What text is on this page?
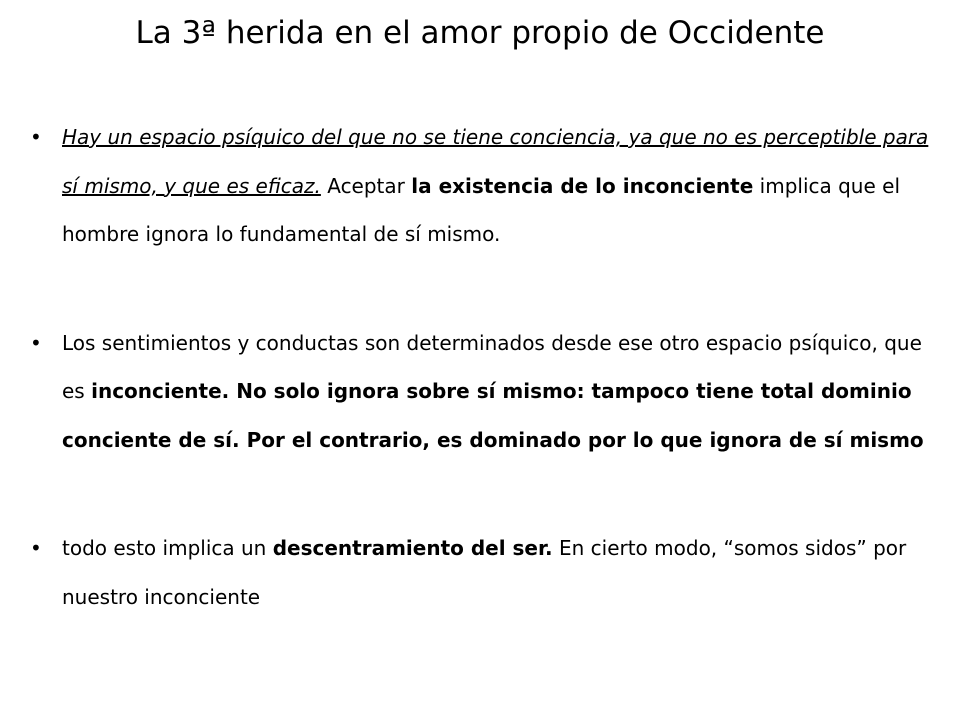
La 3ª herida en el amor propio de Occidente
• Hay un espacio psíquico del que no se tiene conciencia, ya que no es perceptible para sí mismo, y que es eficaz. Aceptar la existencia de lo inconciente implica que el hombre ignora lo fundamental de sí mismo.
• Los sentimientos y conductas son determinados desde ese otro espacio psíquico, que es inconciente. No solo ignora sobre sí mismo: tampoco tiene total dominio conciente de sí. Por el contrario, es dominado por lo que ignora de sí mismo
• todo esto implica un descentramiento del ser. En cierto modo, “somos sidos” por nuestro inconciente
